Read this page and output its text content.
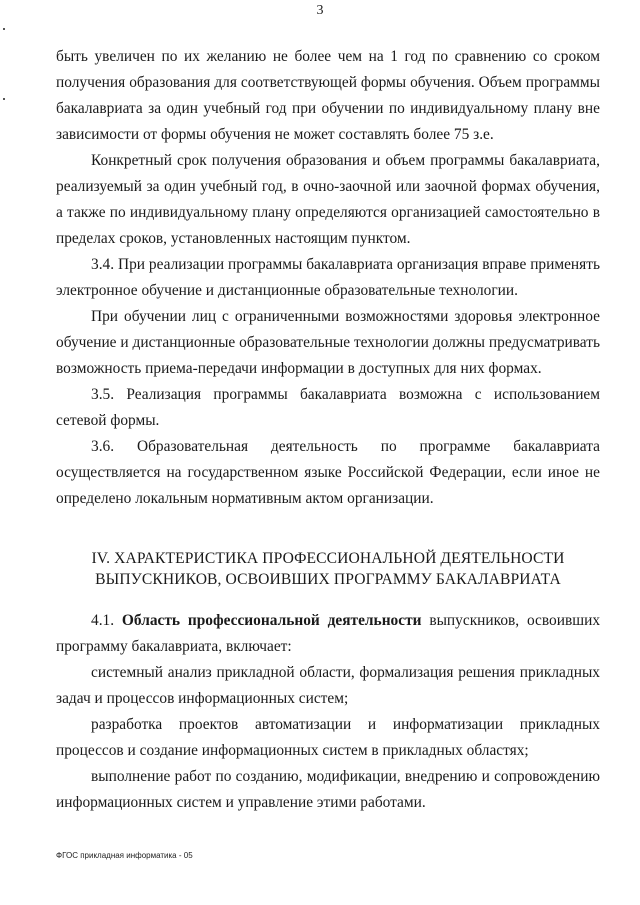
3

быть увеличен по их желанию не более чем на 1 год по сравнению со сроком получения образования для соответствующей формы обучения. Объем программы бакалавриата за один учебный год при обучении по индивидуальному плану вне зависимости от формы обучения не может составлять более 75 з.е.

Конкретный срок получения образования и объем программы бакалавриата, реализуемый за один учебный год, в очно-заочной или заочной формах обучения, а также по индивидуальному плану определяются организацией самостоятельно в пределах сроков, установленных настоящим пунктом.

3.4. При реализации программы бакалавриата организация вправе применять электронное обучение и дистанционные образовательные технологии.

При обучении лиц с ограниченными возможностями здоровья электронное обучение и дистанционные образовательные технологии должны предусматривать возможность приема-передачи информации в доступных для них формах.

3.5. Реализация программы бакалавриата возможна с использованием сетевой формы.

3.6. Образовательная деятельность по программе бакалавриата осуществляется на государственном языке Российской Федерации, если иное не определено локальным нормативным актом организации.

IV. ХАРАКТЕРИСТИКА ПРОФЕССИОНАЛЬНОЙ ДЕЯТЕЛЬНОСТИ
ВЫПУСКНИКОВ, ОСВОИВШИХ ПРОГРАММУ БАКАЛАВРИАТА

4.1. Область профессиональной деятельности выпускников, освоивших программу бакалавриата, включает:

системный анализ прикладной области, формализация решения прикладных задач и процессов информационных систем;

разработка проектов автоматизации и информатизации прикладных процессов и создание информационных систем в прикладных областях;

выполнение работ по созданию, модификации, внедрению и сопровождению информационных систем и управление этими работами.

ФГОС прикладная информатика - 05
